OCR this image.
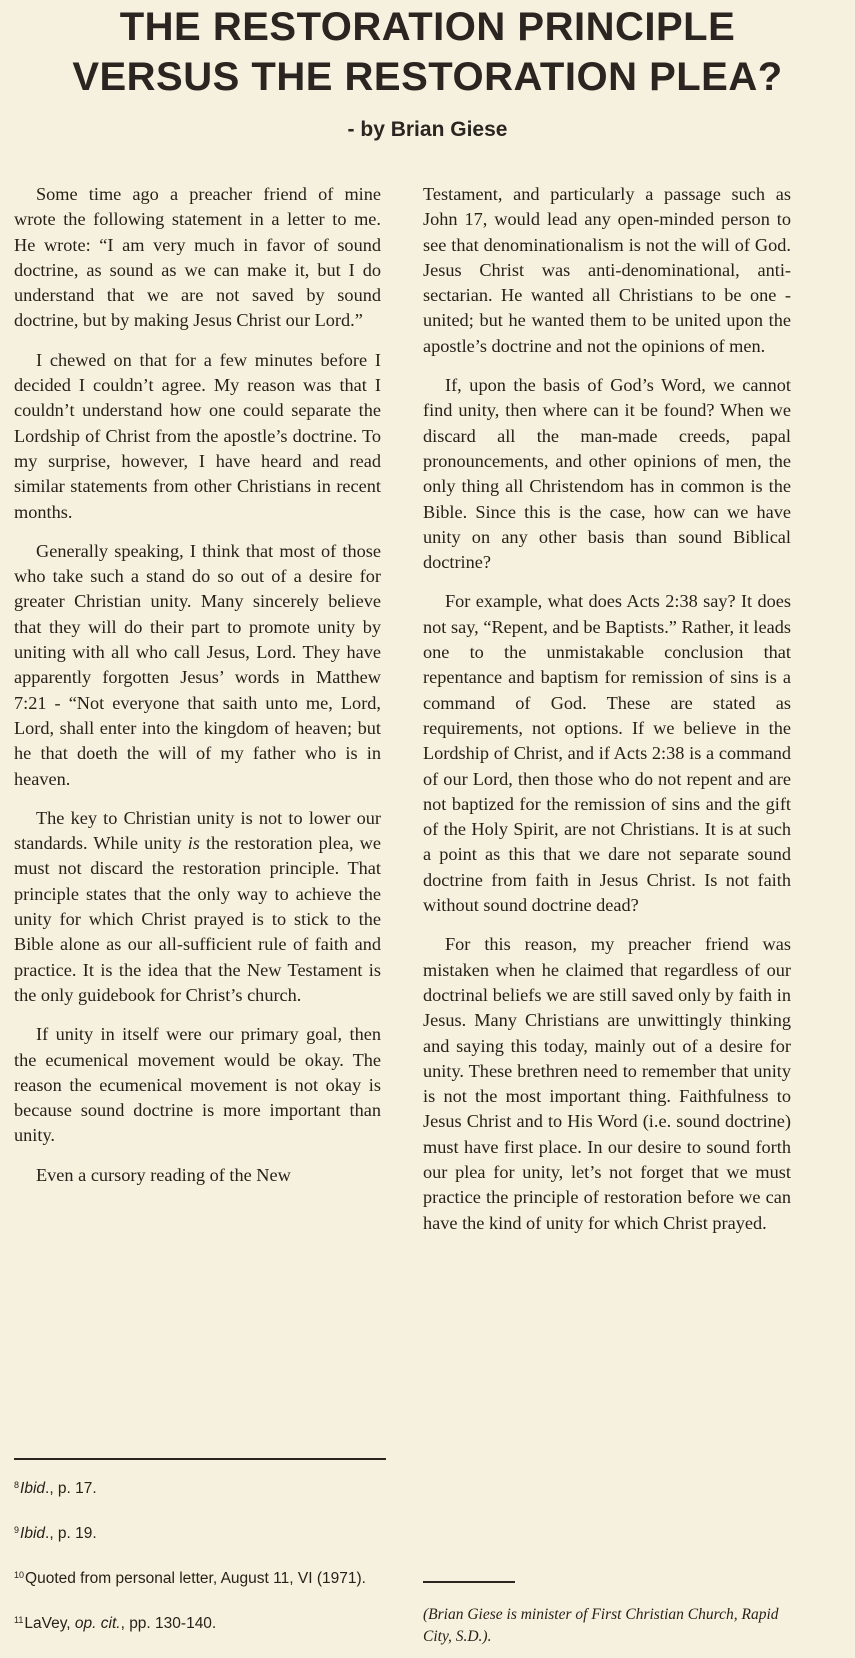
THE RESTORATION PRINCIPLE
VERSUS THE RESTORATION PLEA?
- by Brian Giese

Some time ago a preacher friend of mine wrote the following statement in a letter to me. He wrote: “I am very much in favor of sound doctrine, as sound as we can make it, but I do understand that we are not saved by sound doctrine, but by making Jesus Christ our Lord.”

I chewed on that for a few minutes before I decided I couldn’t agree. My reason was that I couldn’t understand how one could separate the Lordship of Christ from the apostle’s doctrine. To my surprise, however, I have heard and read similar statements from other Christians in recent months.

Generally speaking, I think that most of those who take such a stand do so out of a desire for greater Christian unity. Many sincerely believe that they will do their part to promote unity by uniting with all who call Jesus, Lord. They have apparently forgotten Jesus’ words in Matthew 7:21 - “Not everyone that saith unto me, Lord, Lord, shall enter into the kingdom of heaven; but he that doeth the will of my father who is in heaven.

The key to Christian unity is not to lower our standards. While unity is the restoration plea, we must not discard the restoration principle. That principle states that the only way to achieve the unity for which Christ prayed is to stick to the Bible alone as our all-sufficient rule of faith and practice. It is the idea that the New Testament is the only guidebook for Christ’s church.

If unity in itself were our primary goal, then the ecumenical movement would be okay. The reason the ecumenical movement is not okay is because sound doctrine is more important than unity.

Even a cursory reading of the New

Testament, and particularly a passage such as John 17, would lead any open-minded person to see that denominationalism is not the will of God. Jesus Christ was anti-denominational, anti-sectarian. He wanted all Christians to be one - united; but he wanted them to be united upon the apostle’s doctrine and not the opinions of men.

If, upon the basis of God’s Word, we cannot find unity, then where can it be found? When we discard all the man-made creeds, papal pronouncements, and other opinions of men, the only thing all Christendom has in common is the Bible. Since this is the case, how can we have unity on any other basis than sound Biblical doctrine?

For example, what does Acts 2:38 say? It does not say, “Repent, and be Baptists.” Rather, it leads one to the unmistakable conclusion that repentance and baptism for remission of sins is a command of God. These are stated as requirements, not options. If we believe in the Lordship of Christ, and if Acts 2:38 is a command of our Lord, then those who do not repent and are not baptized for the remission of sins and the gift of the Holy Spirit, are not Christians. It is at such a point as this that we dare not separate sound doctrine from faith in Jesus Christ. Is not faith without sound doctrine dead?

For this reason, my preacher friend was mistaken when he claimed that regardless of our doctrinal beliefs we are still saved only by faith in Jesus. Many Christians are unwittingly thinking and saying this today, mainly out of a desire for unity. These brethren need to remember that unity is not the most important thing. Faithfulness to Jesus Christ and to His Word (i.e. sound doctrine) must have first place. In our desire to sound forth our plea for unity, let’s not forget that we must practice the principle of restoration before we can have the kind of unity for which Christ prayed.

$^8$Ibid., p. 17.
$^9$Ibid., p. 19.
$^{10}$Quoted from personal letter, August 11, VI (1971).
$^{11}$LaVey, op. cit., pp. 130-140.
(Brian Giese is minister of First Christian Church, Rapid City, S.D.).
